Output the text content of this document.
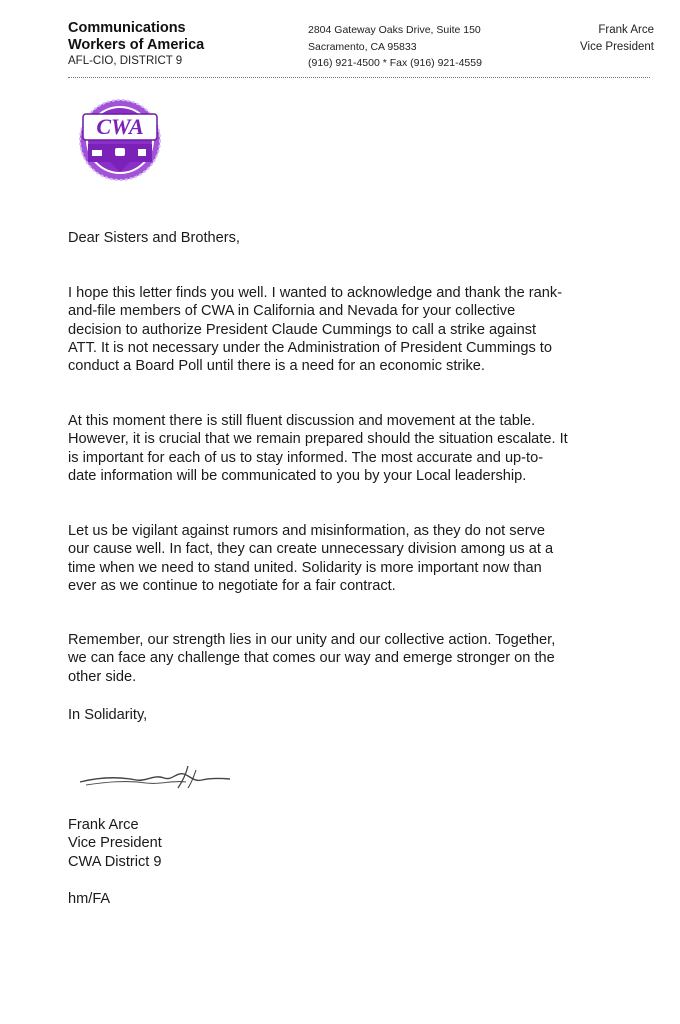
Communications
Workers of America
AFL-CIO, DISTRICT 9
2804 Gateway Oaks Drive, Suite 150
Sacramento, CA 95833
(916) 921-4500 * Fax (916) 921-4559
Frank Arce
Vice President
CWA

Dear Sisters and Brothers,

I hope this letter finds you well. I wanted to acknowledge and thank the rank-and-file members of CWA in California and Nevada for your collective decision to authorize President Claude Cummings to call a strike against ATT. It is not necessary under the Administration of President Cummings to conduct a Board Poll until there is a need for an economic strike.

At this moment there is still fluent discussion and movement at the table. However, it is crucial that we remain prepared should the situation escalate. It is important for each of us to stay informed. The most accurate and up-to-date information will be communicated to you by your Local leadership.

Let us be vigilant against rumors and misinformation, as they do not serve our cause well. In fact, they can create unnecessary division among us at a time when we need to stand united. Solidarity is more important now than ever as we continue to negotiate for a fair contract.

Remember, our strength lies in our unity and our collective action. Together, we can face any challenge that comes our way and emerge stronger on the other side.

In Solidarity,

Frank Arce
Vice President
CWA District 9
hm/FA
